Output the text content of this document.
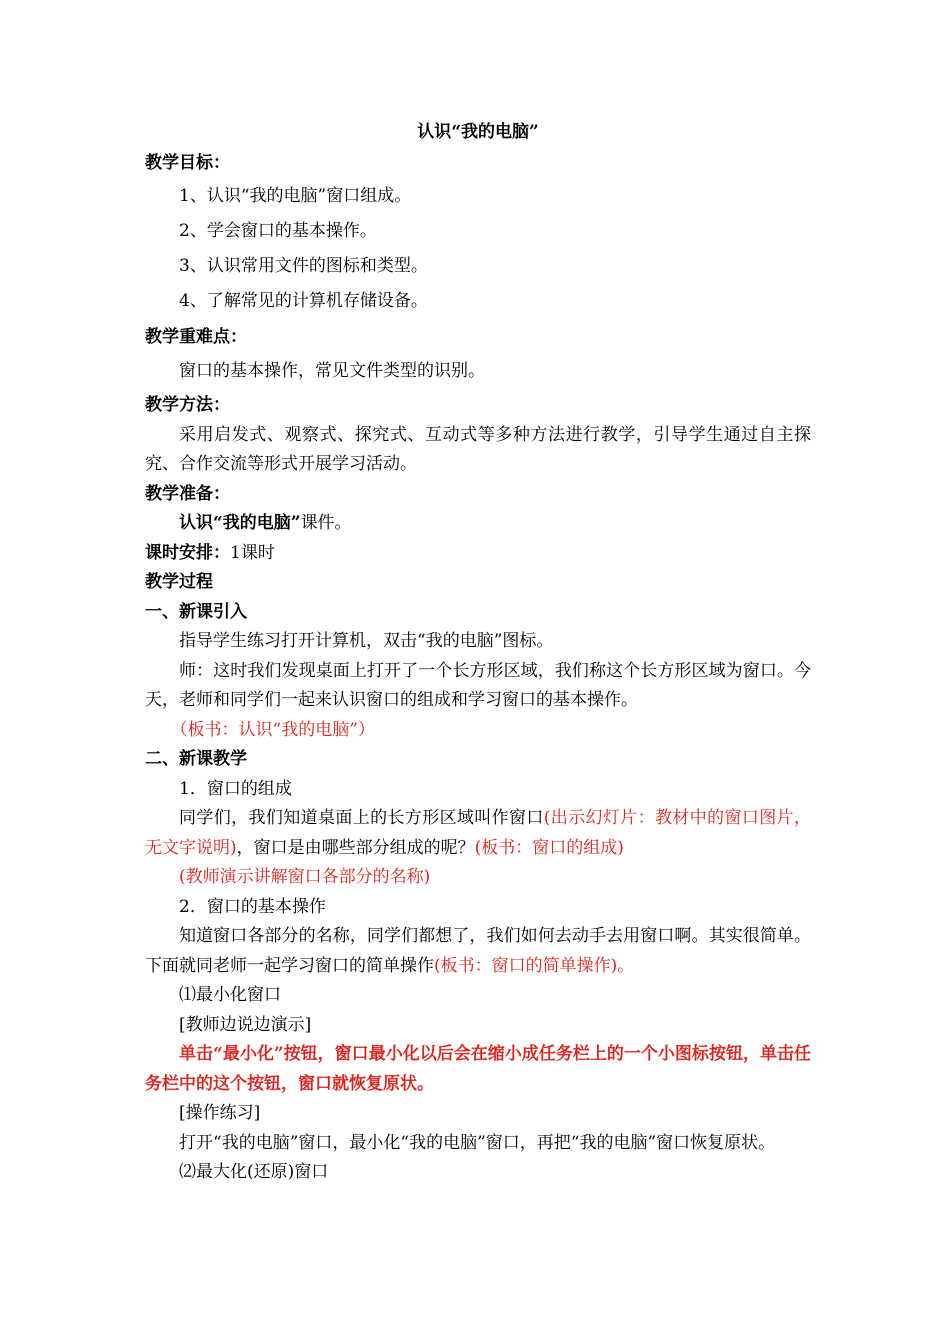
认识“我的电脑”

教学目标：

1、认识“我的电脑”窗口组成。

2、学会窗口的基本操作。

3、认识常用文件的图标和类型。

4、了解常见的计算机存储设备。

教学重难点：

窗口的基本操作，常见文件类型的识别。

教学方法：

采用启发式、观察式、探究式、互动式等多种方法进行教学，引导学生通过自主探究、合作交流等形式开展学习活动。

教学准备：

认识“我的电脑”课件。

课时安排：1课时

教学过程

一、新课引入

指导学生练习打开计算机，双击“我的电脑”图标。

师：这时我们发现桌面上打开了一个长方形区域，我们称这个长方形区域为窗口。今天，老师和同学们一起来认识窗口的组成和学习窗口的基本操作。

（板书：认识“我的电脑”）

二、新课教学

1．窗口的组成

同学们，我们知道桌面上的长方形区域叫作窗口(出示幻灯片：教材中的窗口图片，无文字说明)，窗口是由哪些部分组成的呢？(板书：窗口的组成)

(教师演示讲解窗口各部分的名称)

2．窗口的基本操作

知道窗口各部分的名称，同学们都想了，我们如何去动手去用窗口啊。其实很简单。下面就同老师一起学习窗口的简单操作(板书：窗口的简单操作)。

⑴最小化窗口

[教师边说边演示]

单击“最小化”按钮，窗口最小化以后会在缩小成任务栏上的一个小图标按钮，单击任务栏中的这个按钮，窗口就恢复原状。

[操作练习]

打开“我的电脑”窗口，最小化“我的电脑”窗口，再把“我的电脑”窗口恢复原状。

⑵最大化(还原)窗口
